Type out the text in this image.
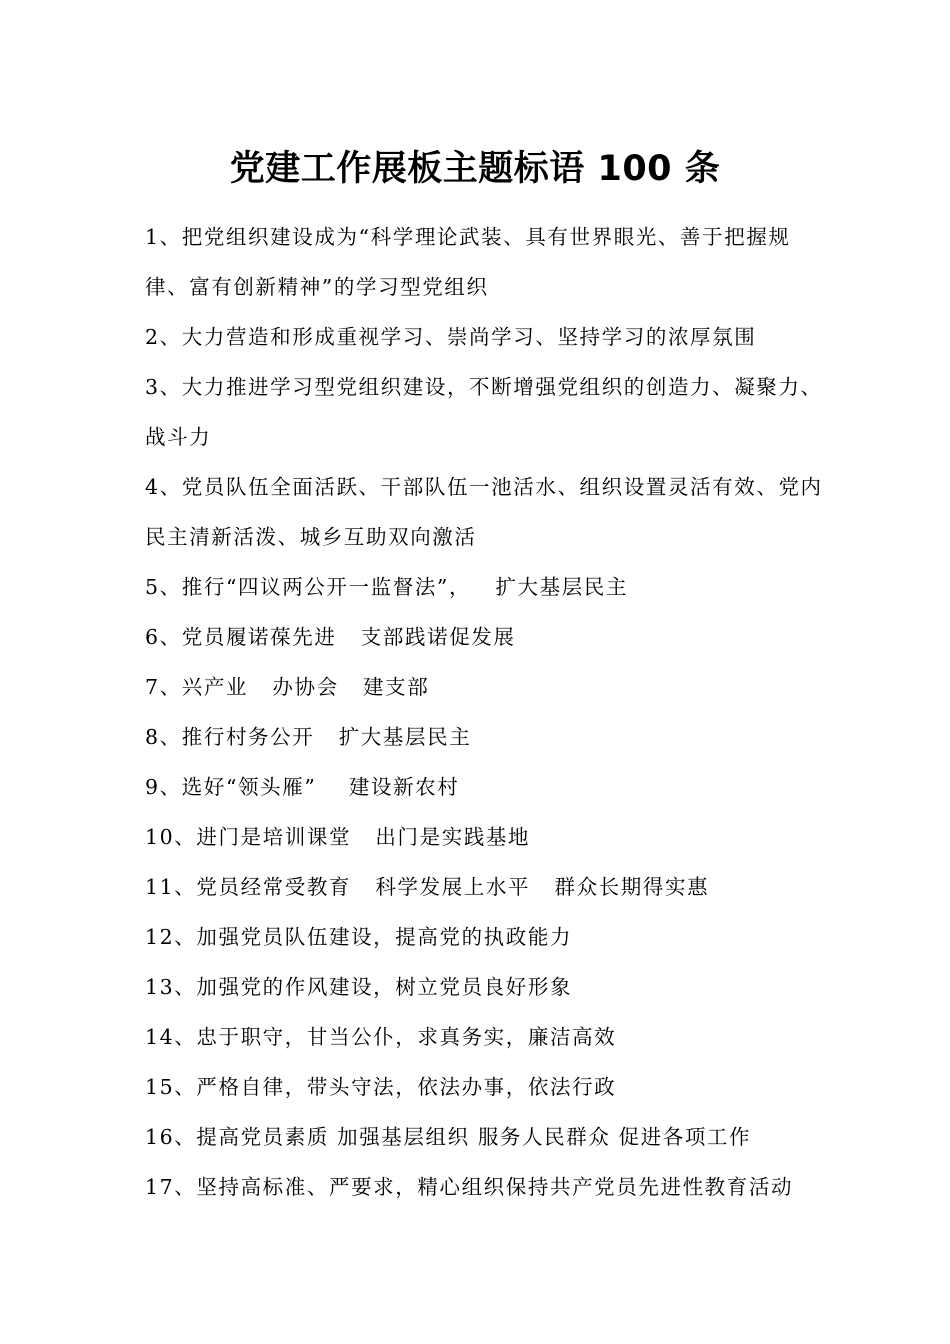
党建工作展板主题标语 100 条
1、把党组织建设成为“科学理论武装、具有世界眼光、善于把握规律、富有创新精神”的学习型党组织
2、大力营造和形成重视学习、崇尚学习、坚持学习的浓厚氛围
3、大力推进学习型党组织建设，不断增强党组织的创造力、凝聚力、战斗力
4、党员队伍全面活跃、干部队伍一池活水、组织设置灵活有效、党内民主清新活泼、城乡互助双向激活
5、推行“四议两公开一监督法”，   扩大基层民主
6、党员履诺葆先进   支部践诺促发展
7、兴产业   办协会   建支部
8、推行村务公开   扩大基层民主
9、选好“领头雁”    建设新农村
10、进门是培训课堂   出门是实践基地
11、党员经常受教育   科学发展上水平   群众长期得实惠
12、加强党员队伍建设，提高党的执政能力
13、加强党的作风建设，树立党员良好形象
14、忠于职守，甘当公仆，求真务实，廉洁高效
15、严格自律，带头守法，依法办事，依法行政
16、提高党员素质 加强基层组织 服务人民群众 促进各项工作
17、坚持高标准、严要求，精心组织保持共产党员先进性教育活动
